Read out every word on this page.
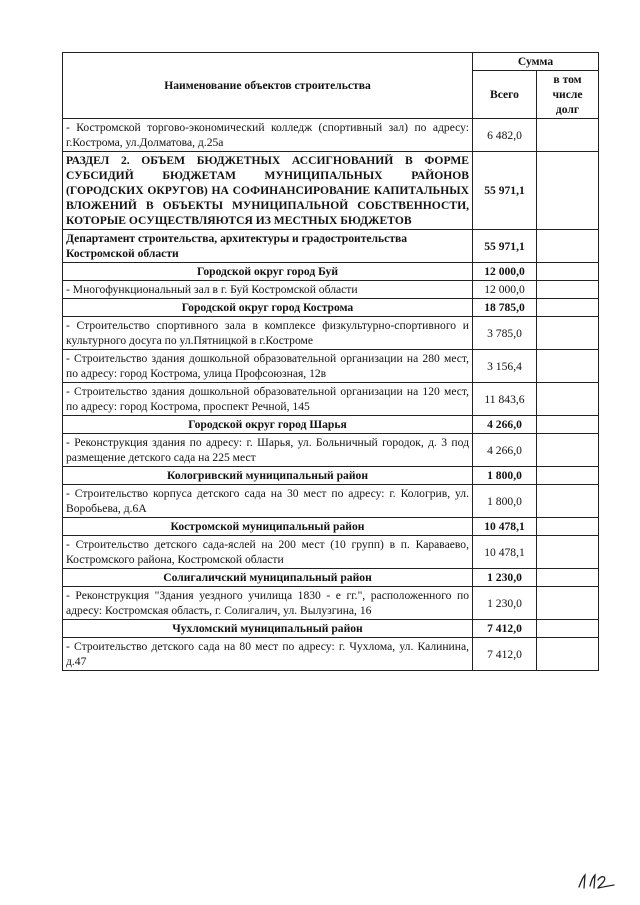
Наименование объектов строительства	Сумма	
	Всего	в том числе долг
- Костромской торгово-экономический колледж (спортивный зал) по адресу: г.Кострома, ул.Долматова, д.25а	6 482,0	
РАЗДЕЛ 2. ОБЪЕМ БЮДЖЕТНЫХ АССИГНОВАНИЙ В ФОРМЕ СУБСИДИЙ БЮДЖЕТАМ МУНИЦИПАЛЬНЫХ РАЙОНОВ (ГОРОДСКИХ ОКРУГОВ) НА СОФИНАНСИРОВАНИЕ КАПИТАЛЬНЫХ ВЛОЖЕНИЙ В ОБЪЕКТЫ МУНИЦИПАЛЬНОЙ СОБСТВЕННОСТИ, КОТОРЫЕ ОСУЩЕСТВЛЯЮТСЯ ИЗ МЕСТНЫХ БЮДЖЕТОВ	55 971,1	
Департамент строительства, архитектуры и градостроительства Костромской области	55 971,1	
Городской округ город Буй	12 000,0	
- Многофункциональный зал в г. Буй Костромской области	12 000,0	
Городской округ город Кострома	18 785,0	
- Строительство спортивного зала в комплексе физкультурно-спортивного и культурного досуга по ул.Пятницкой в г.Костроме	3 785,0	
- Строительство здания дошкольной образовательной организации на 280 мест, по адресу: город Кострома, улица Профсоюзная, 12в	3 156,4	
- Строительство здания дошкольной образовательной организации на 120 мест, по адресу: город Кострома, проспект Речной, 145	11 843,6	
Городской округ город Шарья	4 266,0	
- Реконструкция здания по адресу: г. Шарья, ул. Больничный городок, д. 3 под размещение детского сада на 225 мест	4 266,0	
Кологривский муниципальный район	1 800,0	
- Строительство корпуса детского сада на 30 мест по адресу: г. Кологрив, ул. Воробьева, д.6А	1 800,0	
Костромской муниципальный район	10 478,1	
- Строительство детского сада-яслей на 200 мест (10 групп) в п. Караваево, Костромского района, Костромской области	10 478,1	
Солигаличский муниципальный район	1 230,0	
- Реконструкция "Здания уездного училища 1830 - е гг.", расположенного по адресу: Костромская область, г. Солигалич, ул. Вылузгина, 16	1 230,0	
Чухломский муниципальный район	7 412,0	
- Строительство детского сада на 80 мест по адресу: г. Чухлома, ул. Калинина, д.47	7 412,0	
